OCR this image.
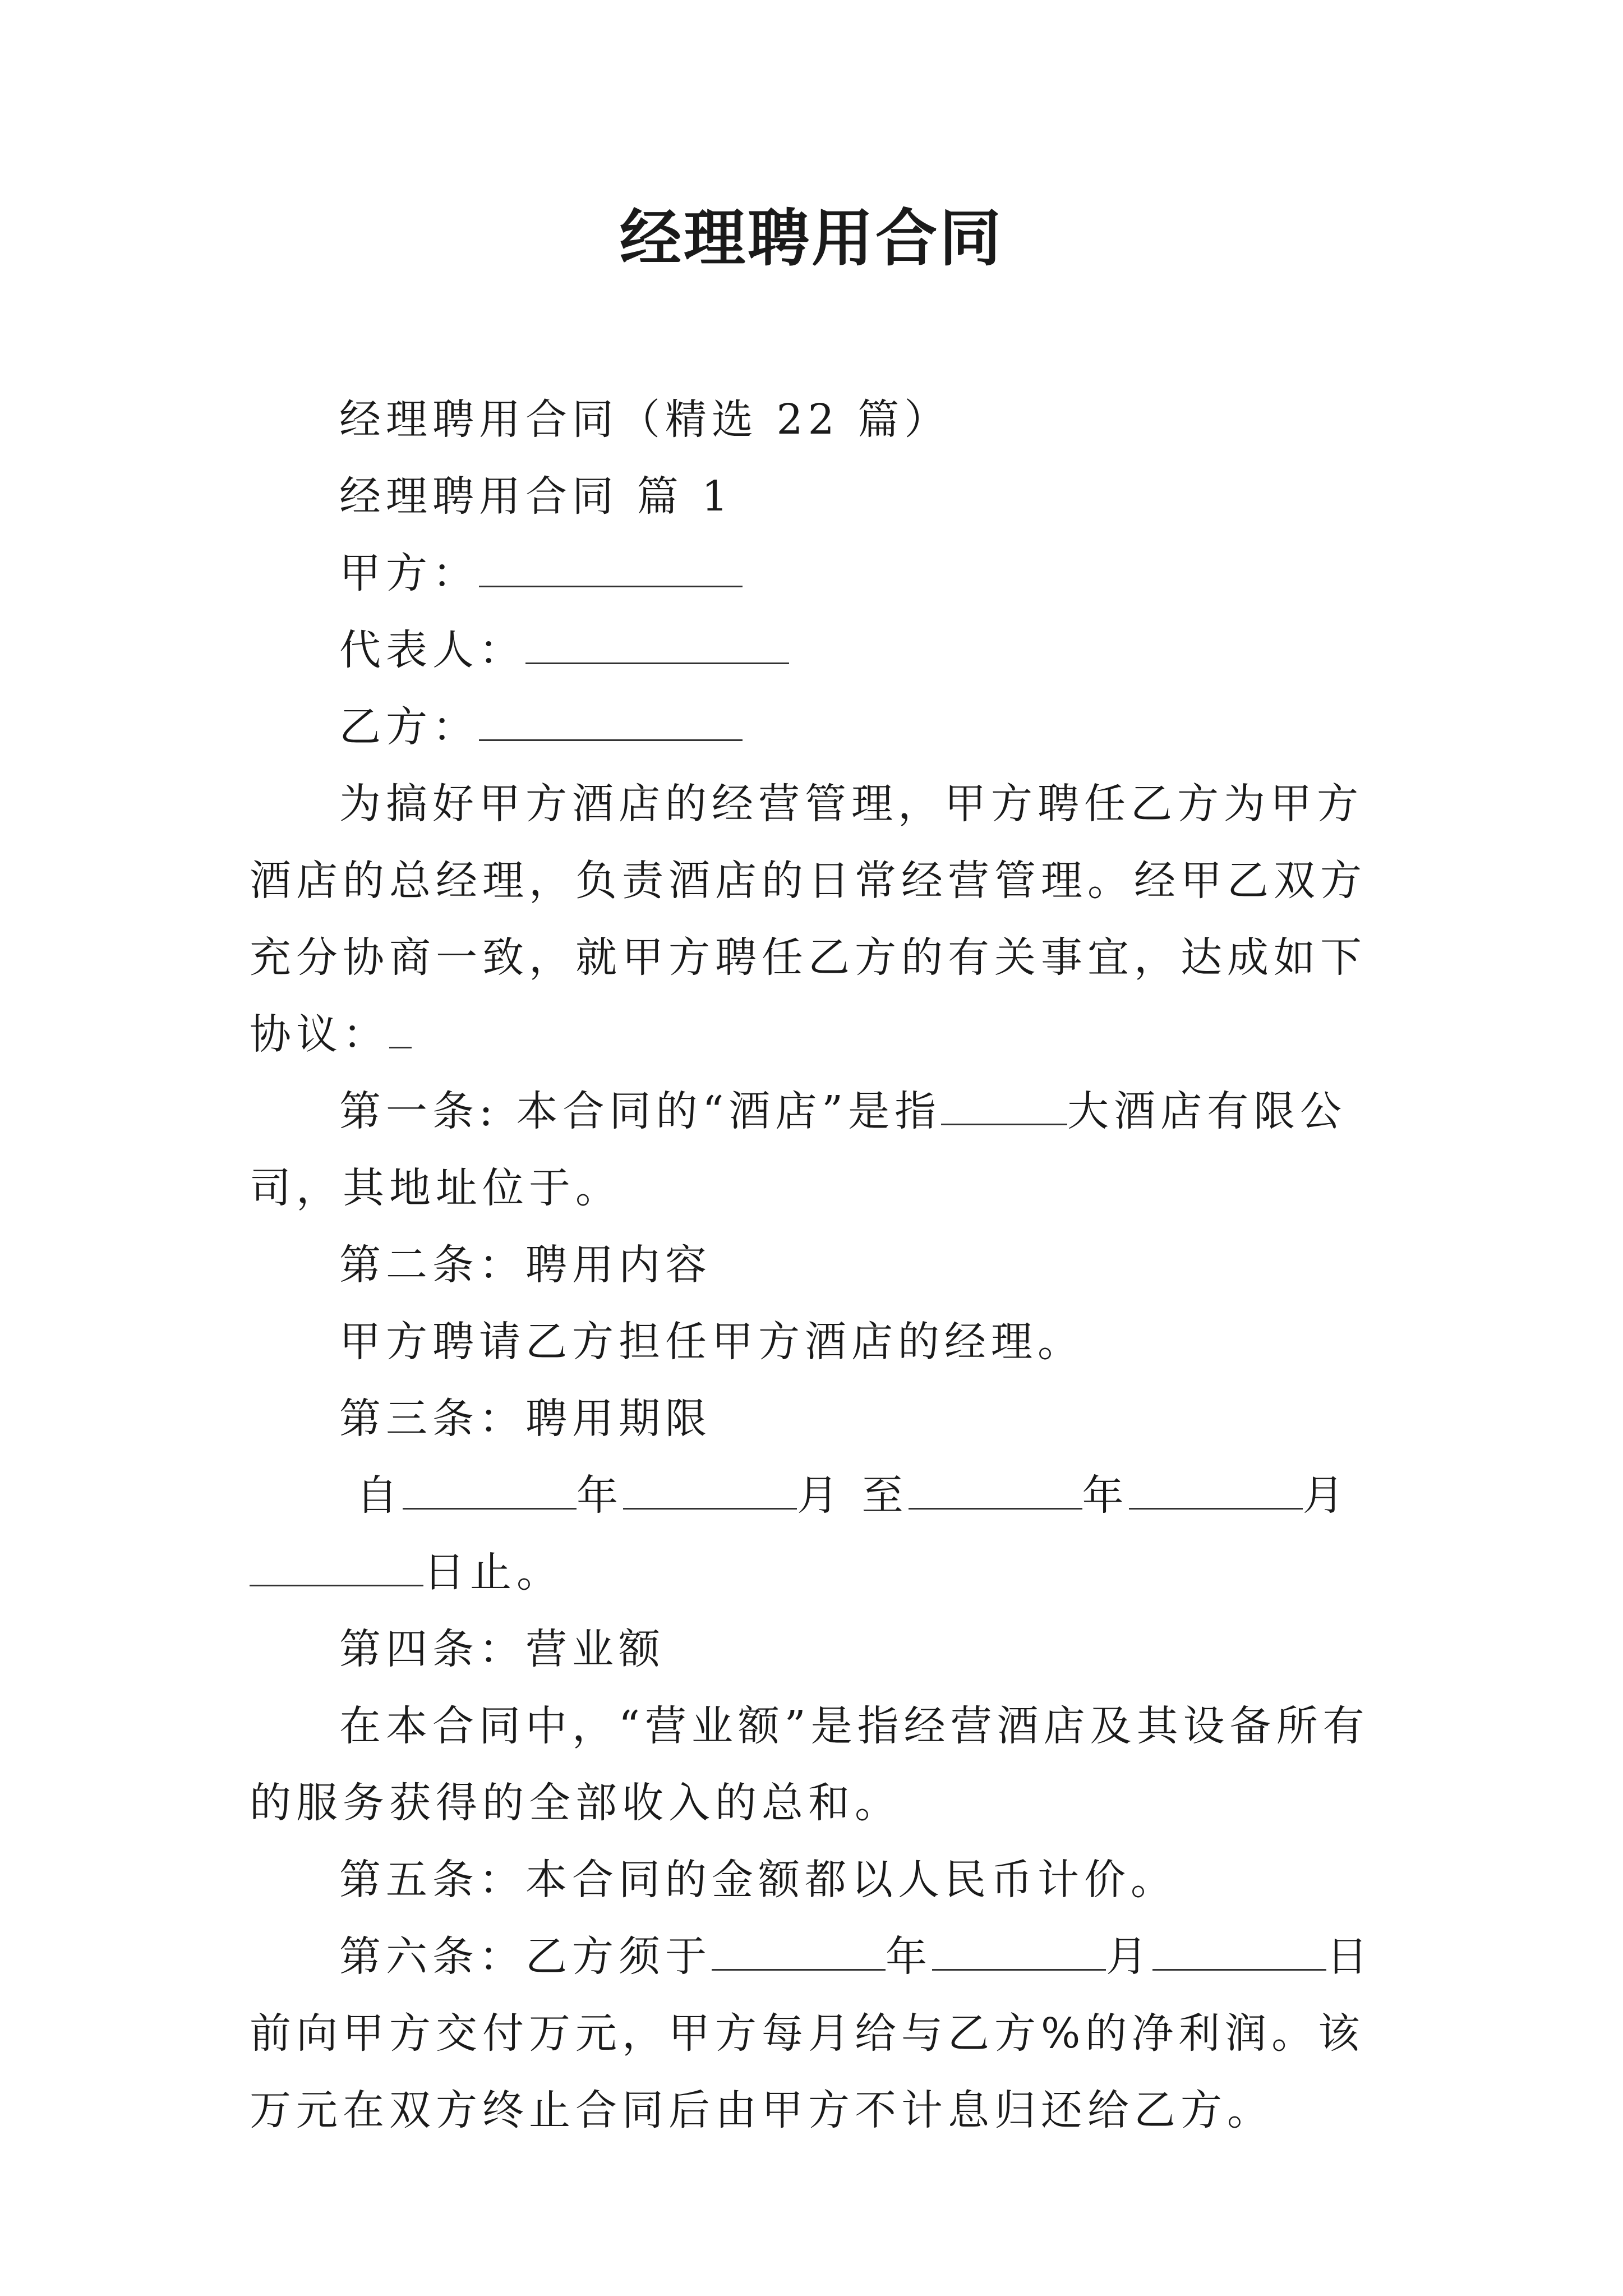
经理聘用合同

经理聘用合同（精选 22 篇）

经理聘用合同 篇 1

甲方：

代表人：

乙方：

为搞好甲方酒店的经营管理，甲方聘任乙方为甲方酒店的总经理，负责酒店的日常经营管理。经甲乙双方充分协商一致，就甲方聘任乙方的有关事宜，达成如下协议：

第一条: 本合同的“酒店”是指	大酒店有限公司，其地址位于。

第二条：聘用内容

甲方聘请乙方担任甲方酒店的经理。

第三条：聘用期限

自	年	月 至	年	月日止。

第四条：营业额

在本合同中，“营业额”是指经营酒店及其设备所有的服务获得的全部收入的总和。

第五条：本合同的金额都以人民币计价。

第六条：乙方须于	年	月	日前向甲方交付万元，甲方每月给与乙方%的净利润。该万元在双方终止合同后由甲方不计息归还给乙方。
